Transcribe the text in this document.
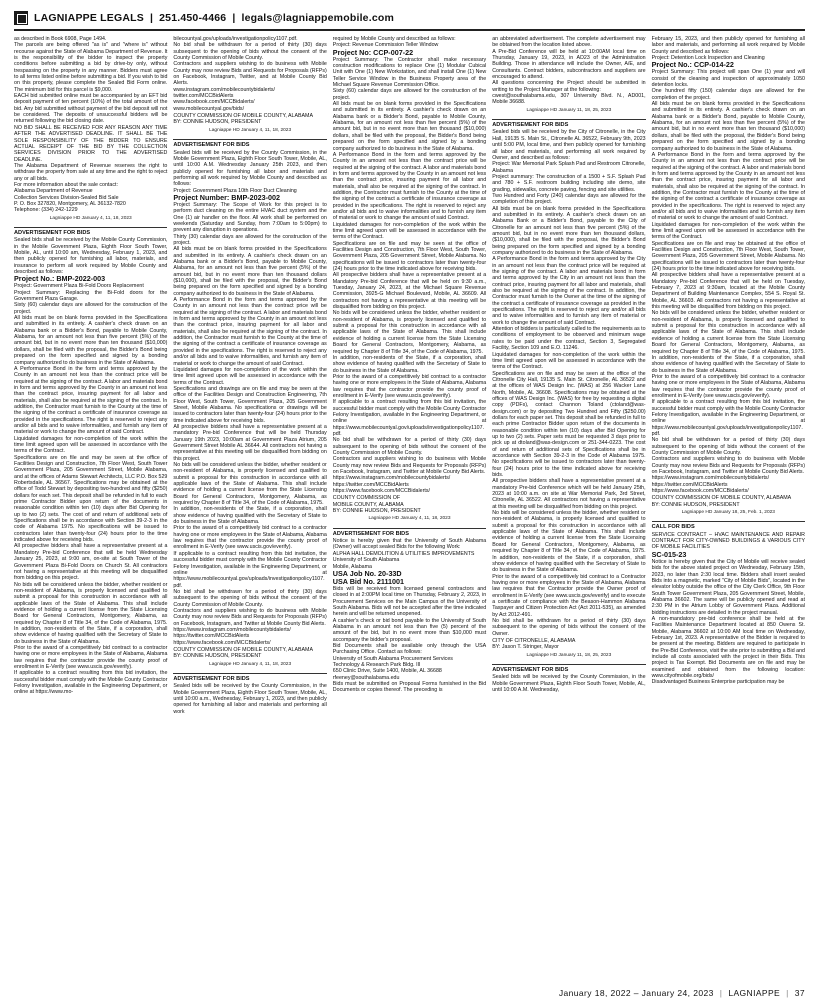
LAGNIAPPE LEGALS | 251.450-4466 | legals@lagniappemobile.com
as described in Book 6908, Page 1494.
The parcels are being offered "as is" and "where is" without recourse against the State of Alabama Department of Revenue. It is the responsibility of the bidder to inspect the property conditions before submitting a bid by drive-by only, without trespassing on the property in any manner. Bidders must agree to all terms listed online before submitting a bid. If you wish to bid on this property, please complete the Sealed Bid Form online. The minimum bid for this parcel is $9,000.
EACH bid submitted online must be accompanied by an EFT bid deposit payment of ten percent (10%) of the total amount of the bid. Any bid submitted without payment of the bid deposit will not be considered. The deposits of unsuccessful bidders will be returned following the bid closing date.
NO BID SHALL BE RECEIVED FOR ANY REASON ANY TIME AFTER THE ADVERTISED DEADLINE. IT SHALL BE THE SOLE RESPONSIBILITY OF THE BIDDER TO ENSURE ACTUAL RECEIPT OF THE BID BY THE COLLECTION SERVICES DIVISION PRIOR TO THE ADVERTISED DEADLINE.
The Alabama Department of Revenue reserves the right to withdraw the property from sale at any time and the right to reject any or all bids.
For more information about the sale contact:
Alabama Department of Revenue
Collection Services Division-Sealed Bid Sale
P. O. Box 327820, Montgomery, AL 36132-7820
Telephone: (334) 242-1229
Lagniappe HD January 4, 11, 18, 2023
ADVERTISEMENT FOR BIDS
Sealed bids shall be received by the Mobile County Commission, in the Mobile Government Plaza, Eighth Floor South Tower, Mobile, AL, until 10:00 am, Wednesday, February 1, 2023, and then publicly opened for furnishing all labor, materials, and insurance to perform all work required by Mobile County and described as follows:
Project No.: BMP-2022-003
Project: Government Plaza Bi-Fold Doors Replacement
Project Summary: Replacing the Bi-Fold doors for the Government Plaza Garage.
Sixty (60) calendar days are allowed for the construction of the project.
All bids must be on blank forms provided in the Specifications and submitted in its entirety. A cashier's check drawn on an Alabama bank or a Bidder's Bond, payable to Mobile County, Alabama, for an amount not less than five percent (5%) of the amount bid, but in no event more than ten thousand ($10,000) dollars, shall be filed with the proposal, the Bidder's Bond being prepared on the form specified and signed by a bonding company authorized to do business in the State of Alabama.
A Performance Bond in the form and terms approved by the County in an amount not less than the contract price will be required at the signing of the contract. A labor and materials bond in form and terms approved by the County in an amount not less than the contract price, insuring payment for all labor and materials, shall also be required at the signing of the contract. In addition, the Contractor must furnish to the County at the time of the signing of the contract a certificate of insurance coverage as provided in the specifications. The right is reserved to reject any and/or all bids and to waive informalities, and furnish any item of material or work to change the amount of said Contract.
Liquidated damages for non-completion of the work within the time limit agreed upon will be assessed in accordance with the terms of the Contract.
Specifications are on file and may be seen at the office of Facilities Design and Construction, 7th Floor West, South Tower Government Plaza, 205 Government Street, Mobile Alabama, and at the offices of Adams Stewart Architects, LLC P.O. Box 529 Robertsdale, AL 36567. Specifications may be obtained at the office of Todd Stewart by depositing two-hundred and fifty ($250) dollars for each set. This deposit shall be refunded in full to each prime Contractor Bidder upon return of the documents in reasonable condition within ten (10) days after Bid Opening for up to two (2) sets. The cost of and return of additional sets of Specifications shall be in accordance with Section 39-2-3 in the code of Alabama 1975. No specifications will be issued to contractors later than twenty-four (24) hours prior to the time indicated above for receiving bids.
All prospective bidders shall have a representative present at a Mandatory Pre-bid Conference that will be held Wednesday January 25, 2023, at 9:00 am, on-site at South Tower of the Government Plaza Bi-Fold Doors on Church St. All contractors not having a representative at this meeting will be disqualified from bidding on this project.
No bids will be considered unless the bidder, whether resident or non-resident of Alabama, is properly licensed and qualified to submit a proposal for this construction in accordance with all applicable laws of the State of Alabama. This shall include evidence of holding a current license from the State Licensing Board for General Contractors, Montgomery, Alabama, as required by Chapter 8 of Title 34, of the Code of Alabama, 1975. In addition, non-residents of the State, if a corporation, shall show evidence of having qualified with the Secretary of State to do business in the State of Alabama.
Prior to the award of a competitively bid contract to a contractor having one or more employees in the State of Alabama, Alabama law requires that the contractor provide the county proof of enrollment in E-Verify (see www.uscis.gov/everify).
If applicable to a contract resulting from this bid invitation, the successful bidder must comply with the Mobile County Contractor Felony Investigation, available in the Engineering Department, or online at https://www.mo-
bilecountyal.gov/uploads/investigationpolicy1107.pdf.
No bid shall be withdrawn for a period of thirty (30) days subsequent to the opening of bids without the consent of the County Commission of Mobile County.
Contractors and suppliers wishing to do business with Mobile County may now review Bids and Requests for Proposals (RFPs) on Facebook, Instagram, Twitter, and at Mobile County Bid Alerts.
www.instagram.com/mobilecountybidalerts/
twitter.com/MCCBidAlerts
www.facebook.com/MCCBidalerts/
www.mobilecountyal.gov/bids/
COUNTY COMMISSION OF MOBILE COUNTY, ALABAMA
BY: CONNIE HUDSON, PRESIDENT
Lagniappe HD January 4, 11, 18, 2023
ADVERTISEMENT FOR BIDS
Sealed bids will be received by the County Commission, in the Mobile Government Plaza, Eighth Floor South Tower, Mobile, AL, until 10:00 A.M. Wednesday January 25th 2023, and then publicly opened for furnishing all labor and materials and performing all work required by Mobile County and described as follows:
Project: Government Plaza 10th Floor Duct Cleaning
Project Number: BMP-2023-002
Project Summary: The Scope of Work for this project is to perform duct cleaning on the entire HVAC duct system and the One (1) air handler on the floor. All work shall be performed on weekends (Saturday and Sunday, from 7:00am to 5:00pm) to prevent any disruption in operations.
Thirty (30) calendar days are allowed for the construction of the project.
All bids must be on blank forms provided in the Specifications and submitted in its entirety. A cashier's check drawn on an Alabama bank or a Bidder's Bond, payable to Mobile County, Alabama, for an amount not less than five percent (5%) of the amount bid, but in no event more than ten thousand dollars ($10,000), shall be filed with the proposal, the Bidder's Bond being prepared on the form specified and signed by a bonding company authorized to do business in the State of Alabama.
A Performance Bond in the form and terms approved by the County in an amount not less than the contract price will be required at the signing of the contract. A labor and materials bond in form and terms approved by the County in an amount not less than the contract price, insuring payment for all labor and materials, shall also be required at the signing of the contract. In addition, the Contractor must furnish to the County at the time of the signing of the contract a certificate of insurance coverage as provided in the specifications. The right is reserved to reject any and/or all bids and to waive informalities, and furnish any item of material or work to change the amount of said Contract.
Liquidated damages for non-completion of the work within the time limit agreed upon will be assessed in accordance with the terms of the Contract.
Specifications and drawings are on file and may be seen at the office of the Facilities Design and Construction Engineering, 7th Floor West, South Tower, Government Plaza, 205 Government Street, Mobile Alabama. No specifications or drawings will be issued to contractors later than twenty-four (24) hours prior to the time indicated above for receiving bids.
All prospective bidders shall have a representative present at a mandatory Pre-bid Conference that will be held Thursday January 19th 2023, 10:00am at Government Plaza Atrium, 205 Government Street Mobile AL 36644. All contractors not having a representative at this meeting will be disqualified from bidding on this project.
No bids will be considered unless the bidder, whether resident or non-resident of Alabama, is properly licensed and qualified to submit a proposal for this construction in accordance with all applicable laws of the State of Alabama. This shall include evidence of holding a current license from the State Licensing Board for General Contractors, Montgomery, Alabama, as required by Chapter 8 of Title 34, of the Code of Alabama, 1975.
In addition, non-residents of the State, if a corporation, shall show evidence of having qualified with the Secretary of State to do business in the State of Alabama.
Prior to the award of a competitively bid contract to a contractor having one or more employees in the State of Alabama, Alabama law requires that the contractor provide the county proof of enrollment in E-Verify (see www.uscis.gov/everify).
If applicable to a contract resulting from this bid invitation, the successful bidder must comply with the Mobile County Contractor Felony Investigation, available in the Engineering Department, or online at https://www.mobilecountyal.gov/uploads/investigationpolicy1107.pdf.
No bid shall be withdrawn for a period of thirty (30) days subsequent to the opening of bids without the consent of the County Commission of Mobile County.
Contractors and suppliers wishing to do business with Mobile County may now review Bids and Requests for Proposals (RFPs) on Facebook, Instagram, and Twitter at Mobile County Bid Alerts.
https://www.instagram.com/mobilecountybidalerts/
https://twitter.com/MCCBidAlerts
https://www.facebook.com/MCCBidalerts/
COUNTY COMMISSION OF MOBILE COUNTY, ALABAMA
BY: CONNIE HUDSON, PRESIDENT
Lagniappe HD January 4, 11, 18, 2023
ADVERTISEMENT FOR BIDS
Sealed bids will be received by the County Commission, in the Mobile Government Plaza, Eighth Floor South Tower, Mobile, AL, until 10:00 a.m., Wednesday, February 1, 2023, and then publicly opened for furnishing all labor and materials and performing all work
required by Mobile County and described as follows:
Project: Revenue Commission Teller Window
Project No: CCP-007-22
Project Summary: The Contractor shall make necessary construction modifications to replace One (1) Modular Cubical Unit with One (1) New Workstation, and shall install One (1) New Teller Service Window in the Business Property area of the Michael Square Revenue Commission Office.
Sixty (60) calendar days are allowed for the construction of the project.
All bids must be on blank forms provided in the Specifications and submitted in its entirety. A cashier's check drawn on an Alabama bank or a Bidder's Bond, payable to Mobile County, Alabama, for an amount not less than five percent (5%) of the amount bid, but in no event more than ten thousand ($10,000) dollars, shall be filed with the proposal, the Bidder's Bond being prepared on the form specified and signed by a bonding company authorized to do business in the State of Alabama.
A Performance Bond in the form and terms approved by the County in an amount not less than the contract price will be required at the signing of the contract. A labor and materials bond in form and terms approved by the County in an amount not less than the contract price, insuring payment for all labor and materials, shall also be required at the signing of the contract. In addition, the Contractor must furnish to the County at the time of the signing of the contract a certificate of insurance coverage as provided in the specifications. The right is reserved to reject any and/or all bids and to waive informalities and to furnish any item of material or work to change the amount of said Contract.
Liquidated damages for non-completion of the work within the time limit agreed upon will be assessed in accordance with the terms of the Contract.
Specifications are on file and may be seen at the office of Facilities Design and Construction, 7th Floor West, South Tower, Government Plaza, 205 Government Street, Mobile Alabama. No specifications will be issued to contractors later than twenty-four (24) hours prior to the time indicated above for receiving bids.
All prospective bidders shall have a representative present at a Mandatory Pre-bid Conference that will be held on 9:30 a.m., Tuesday, January 24, 2023, at the Michael Square Revenue Commission, 3925-G Michael Boulevard, Mobile, AL 36609. All contractors not having a representative at this meeting will be disqualified from bidding on this project.
No bids will be considered unless the bidder, whether resident or non-resident of Alabama, is properly licensed and qualified to submit a proposal for this construction in accordance with all applicable laws of the State of Alabama. This shall include evidence of holding a current license from the State Licensing Board for General Contractors, Montgomery, Alabama, as required by Chapter 8 of Title 34, of the Code of Alabama, 1975.
In addition, non-residents of the State, if a corporation, shall show evidence of having qualified with the Secretary of State to do business in the State of Alabama.
Prior to the award of a competitively bid contract to a contractor having one or more employees in the State of Alabama, Alabama law requires that the contractor provide the county proof of enrollment in E-Verify (see www.uscis.gov/everify).
If applicable to a contract resulting from this bid invitation, the successful bidder must comply with the Mobile County Contractor Felony Investigation, available in the Engineering Department, or online at https://www.mobilecountyal.gov/uploads/investigationpolicy1107.pdf.
No bid shall be withdrawn for a period of thirty (30) days subsequent to the opening of bids without the consent of the County Commission of Mobile County.
Contractors and suppliers wishing to do business with Mobile County may now review Bids and Requests for Proposals (RFPs) on Facebook, Instagram, and Twitter at Mobile County Bid Alerts.
https://www.instagram.com/mobilecountybidalerts/
https://twitter.com/MCCBidAlerts
https://www.facebook.com/MCCBidalerts/
COUNTY COMMISSION OF
MOBILE COUNTY, ALABAMA
BY: CONNIE HUDSON, PRESIDENT
Lagniappe HD January 4, 11, 18, 2023
ADVERTISEMENT FOR BIDS
Notice is hereby given that the University of South Alabama (Owner) will accept sealed Bids for the following Work:
ALPHA HALL DEMOLITION & UTILITIES IMPROVEMENTS
University of South Alabama
Mobile, Alabama
USA Job No. 20-33D
USA Bid No. 2111001
Bids will be received from licensed general contractors and closed in at 2:00PM local time on Thursday, February 2, 2023, in Procurement Services on the Main Campus of the University of South Alabama. Bids will not be accepted after the time indicated herein and will be returned unopened.
A cashier's check or bid bond payable to the University of South Alabama in an amount not less than five (5) percent of the amount of the bid, but in no event more than $10,000 must accompany the bidder's proposal.
Bid Documents shall be available only through the USA Purchasing Office. Contact as follows:
University of South Alabama Procurement Services
Technology & Research Park Bldg. III
650 Clinic Drive, Suite 1400, Mobile, AL 36688
rfeeney@southalabama.edu
Bids must be submitted on Proposal Forms furnished in the Bid Documents or copies thereof. The preceding is
an abbreviated advertisement. The complete advertisement may be obtained from the location listed above.
A Pre-Bid Conference will be held at 10:00AM local time on Thursday, January 19, 2023, in AD23 of the Administration Building. Those in attendance will include the Owner, A/E, and Consultants. Contract bidders, subcontractors and suppliers are encouraged to attend.
All questions concerning the Project should be submitted in writing to the Project Manager at the following:
cwest@southalabama.edu, 307 University Blvd. N., AD001, Mobile 36688.
Lagniappe HD January 11, 18, 25, 2023
ADVERTISEMENT FOR BIDS
Sealed bids will be received by the City of Citronelle, in the City Hall, 19135 S. Main St., Citronelle AL 36522, February 9th, 2023 until 5:00 PM, local time, and then publicly opened for furnishing all labor and materials, and performing all work required by Owner, and described as follows:
Project: War Memorial Park Splash Pad and Restroom Citronelle, Alabama
Project summary: The construction of a 1500 + S.F. Splash Pad and 780 + S.F. restroom building including site demo, site grading, sidewalks, concrete paving, fencing and site utilities.
Two Hundred and Forty (240) calendar days are allowed for the completion of this project.
All bids must be on blank forms provided in the Specifications and submitted in its entirety. A cashier's check drawn on an Alabama Bank or a Bidder's Bond, payable to the City of Citronelle for an amount not less than five percent (5%) of the amount bid, but in no event more than ten thousand dollars, ($10,000), shall be filed with the proposal, the Bidder's Bond being prepared on the form specified and signed by a bonding company authorized to do business in the State of Alabama.
A Performance Bond in the form and terms approved by the City in an amount not less than the contract price will be required at the signing of the contract. A labor and materials bond in form and terms approved by the City in an amount not less than the contract price, insuring payment for all labor and materials, shall also be required at the signing of the contract. In addition, the Contractor must furnish to the Owner at the time of the signing of the contract a certificate of insurance coverage as provided in the specifications. The right is reserved to reject any and/or all bids and to waive informalities and to furnish any item of material or work to change the amount of said Contract.
Attention of bidders is particularly called to the requirements as to conditions of employment to be observed and minimum wage rates to be paid under the contract, Section 3, Segregated Facility, Section 109 and E.O. 11246.
Liquidated damages for non-completion of the work within the time limit agreed upon will be assessed in accordance with the terms of the Contract.
Specifications are on file and may be seen at the office of the Citronelle City Hall, 19135 S. Main St. Citronelle, AL 36522 and at the offices of WAS Design Inc. (WAS) at 256 Wacker Lane North, Mobile, AL 36608. Specifications may be obtained at the offices of WAS Design Inc. (WAS) for free by requesting a digital copy (PDFs), contact Channon Toland (ctoland@was-design.com) or by depositing Two Hundred and Fifty ($250.00) dollars for each paper set. This deposit shall be refunded in full to each prime Contractor Bidder upon return of the documents in reasonable condition within ten (10) days after Bid Opening for up to two (2) sets. Paper sets must be requested 3 days prior to pick up at dtoland@was-design.com or 251-344-0223. The cost of and return of additional sets of Specifications shall be in accordance with Section 39-2-3 in the Code of Alabama 1975. No specifications will be issued to contractors later than twenty-four (24) hours prior to the time indicated above for receiving bids.
All prospective bidders shall have a representative present at a mandatory Pre-bid Conference which will be held January 25th, 2023 at 10:00 a.m. on site at War Memorial Park, 3rd Street, Citronelle, AL 36522. All contractors not having a representative at this meeting will be disqualified from bidding on this project.
No bids will be considered unless the bidder, whether resident or non-resident of Alabama, is properly licensed and qualified to submit a proposal for this construction in accordance with all applicable laws of the State of Alabama. This shall include evidence of holding a current license from the State Licensing Board for General Contractors, Montgomery, Alabama, as required by Chapter 8 of Title 34, of the Code of Alabama, 1975. In addition, non-residents of the State, if a corporation, shall show evidence of having qualified with the Secretary of State to do business in the State of Alabama.
Prior to the award of a competitively bid contract to a Contractor having one or more employees in the State of Alabama, Alabama law requires that the Contractor provide the Owner proof of enrollment in E-Verify (see www.uscis.gov/everify) and to execute a certificate of compliance with the Beason-Hammon Alabama Taxpayer and Citizen Protection Act (Act 2011-535), as amended by Act 2012-491.
No bid shall be withdrawn for a period of thirty (30) days subsequent to the opening of bids without the consent of the Owner.
CITY OF CITRONELLE, ALABAMA
BY: Jason T. Stringer, Mayor
Lagniappe HD January 11, 18, 25, 2023
ADVERTISEMENT FOR BIDS
Sealed bids will be received by the County Commission, in the Mobile Government Plaza, Eighth Floor South Tower, Mobile, AL, until 10:00 A.M. Wednesday,
February 15, 2023, and then publicly opened for furnishing all labor and materials, and performing all work required by Mobile County and described as follows:
Project: Detention Lock Inspection and Cleaning
Project No.: CCP-014-22
Project Summary: This project will span One (1) year and will consist of the cleaning and inspection of approximately 1050 detention locks.
One hundred fifty (150) calendar days are allowed for the completion of the project.
All bids must be on blank forms provided in the Specifications and submitted in its entirety. A cashier's check drawn on an Alabama bank or a Bidder's Bond, payable to Mobile County, Alabama, for an amount not less than five percent (5%) of the amount bid, but in no event more than ten thousand ($10,000) dollars, shall be filed with the proposal, the Bidder's Bond being prepared on the form specified and signed by a bonding company authorized to do business in the State of Alabama.
A Performance Bond in the form and terms approved by the County in an amount not less than the contract price will be required at the signing of the contract. A labor and materials bond in form and terms approved by the County in an amount not less than the contract price, insuring payment for all labor and materials, shall also be required at the signing of the contract. In addition, the Contractor must furnish to the County at the time of the signing of the contract a certificate of insurance coverage as provided in the specifications. The right is reserved to reject any and/or all bids and to waive informalities and to furnish any item of material or work to change the amount of said Contract.
Liquidated damages for non-completion of the work within the time limit agreed upon will be assessed in accordance with the terms of the Contract.
Specifications are on file and may be obtained at the office of Facilities Design and Construction, 7th Floor West, South Tower, Government Plaza, 205 Government Street, Mobile Alabama. No specifications will be issued to contractors later than twenty-four (24) hours prior to the time indicated above for receiving bids.
All prospective bidders shall have a representative present at a Mandatory Pre-bid Conference that will be held on Tuesday, February 7, 2023 at 9:30am, located at the Mobile County Department of Building Maintenance Complex, 554 S. Royal St. Mobile, AL 36603. All contractors not having a representative at this meeting will be disqualified from bidding on this project.
No bids will be considered unless the bidder, whether resident or non-resident of Alabama, is properly licensed and qualified to submit a proposal for this construction in accordance with all applicable laws of the State of Alabama. This shall include evidence of holding a current license from the State Licensing Board for General Contractors, Montgomery, Alabama, as required by Chapter 8 of Title 34, of the Code of Alabama, 1975. In addition, non-residents of the State, if a corporation, shall show evidence of having qualified with the Secretary of State to do business in the State of Alabama.
Prior to the award of a competitively bid contract to a contractor having one or more employees in the State of Alabama, Alabama law requires that the contractor provide the county proof of enrollment in E-Verify (see www.uscis.gov/everify).
If applicable to a contract resulting from this bid invitation, the successful bidder must comply with the Mobile County Contractor Felony Investigation, available in the Engineering Department, or online at https://www.mobilecountyal.gov/uploads/investigationpolicy1107.pdf.
No bid shall be withdrawn for a period of thirty (30) days subsequent to the opening of bids without the consent of the County Commission of Mobile County.
Contractors and suppliers wishing to do business with Mobile County may now review Bids and Requests for Proposals (RFPs) on Facebook, Instagram, and Twitter at Mobile County Bid Alerts.
https://www.instagram.com/mobilecountybidalerts/
https://twitter.com/MCCBidAlerts
https://www.facebook.com/MCCBidalerts/
COUNTY COMMISSION OF MOBILE COUNTY, ALABAMA
BY: CONNIE HUDSON, PRESIDENT
Lagniappe HD January 18, 25, Feb. 1, 2023
CALL FOR BIDS
SERVICE CONTRACT – HVAC MAINTENANCE AND REPAIR CONTRACT FOR CITY-OWNED BUILDINGS & VARIOUS CITY OF MOBILE FACILITIES
SC-015-23
Notice is hereby given that the City of Mobile will receive sealed bids for the above stated project on Wednesday, February 15th, 2023, no later than 2:30 local time. Bidders shall insert sealed Bids into a magnetic, marked "City of Mobile Bids", located in the elevator lobby outside the office of the City Clerk Office, 9th Floor South Tower Government Plaza, 205 Government Street, Mobile, Alabama 36602. The same will be publicly opened and read at 2:30 PM in the Atrium Lobby of Government Plaza. Additional bidding instructions are detailed in the project manual.
A non-mandatory pre-bid conference shall be held at the Facilities Maintenance Department located at 850 Owens St. Mobile, Alabama 36602 at 10:00 AM local time on Wednesday, February 1st, 2023. A representative of the Bidder is required to be present at the meeting. Bidders are required to participate in the Pre-Bid Conference, visit the site prior to submitting a Bid and include all costs associated with the project in their Bids. This project is Tax Exempt. Bid Documents are on file and may be examined and obtained from the following location: www.cityofmobile.org/bids/
Disadvantaged Business Enterprise participation may be
January 18, 2022 – January 24, 2023 | LAGNIAPPE | 37
